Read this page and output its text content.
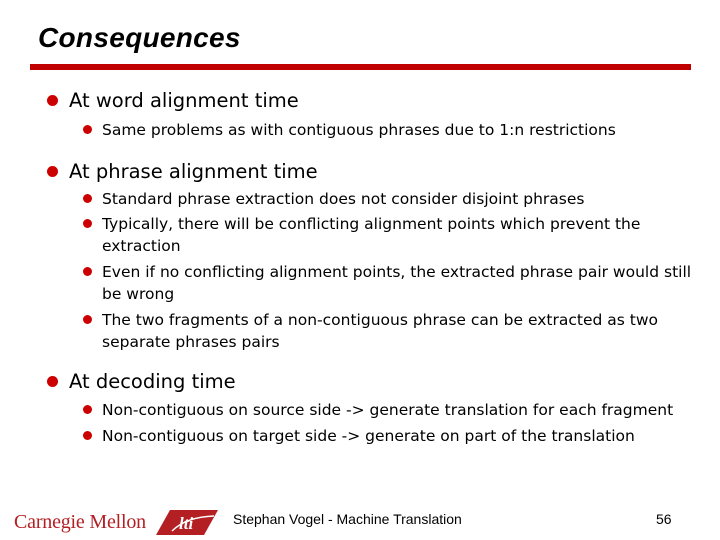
Consequences
At word alignment time
Same problems as with contiguous phrases due to 1:n restrictions
At phrase alignment time
Standard phrase extraction does not consider disjoint phrases
Typically, there will be conflicting alignment points which prevent the extraction
Even if no conflicting alignment points, the extracted phrase pair would still be wrong
The two fragments of a non-contiguous phrase can be extracted as two separate phrases pairs
At decoding time
Non-contiguous on source side -> generate translation for each fragment
Non-contiguous on target side -> generate on part of the translation
Carnegie Mellon lti	Stephan Vogel - Machine Translation	56
